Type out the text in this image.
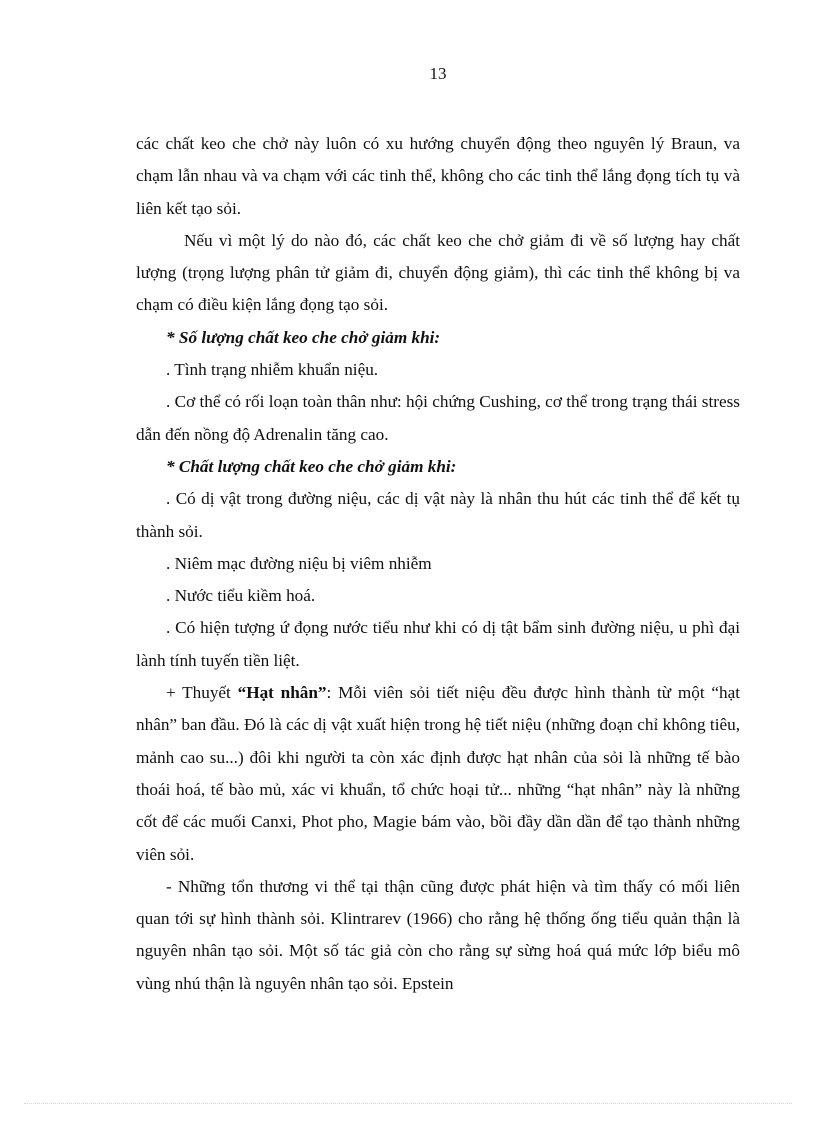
13

các chất keo che chở này luôn có xu hướng chuyển động theo nguyên lý Braun, va chạm lẫn nhau và va chạm với các tinh thể, không cho các tinh thể lắng đọng tích tụ và liên kết tạo sỏi.

Nếu vì một lý do nào đó, các chất keo che chở giảm đi về số lượng hay chất lượng (trọng lượng phân tử giảm đi, chuyển động giảm), thì các tinh thể không bị va chạm có điều kiện lắng đọng tạo sỏi.

* Số lượng chất keo che chở giảm khi:

. Tình trạng nhiễm khuẩn niệu.

. Cơ thể có rối loạn toàn thân như: hội chứng Cushing, cơ thể trong trạng thái stress dẫn đến nồng độ Adrenalin tăng cao.

* Chất lượng chất keo che chở giảm khi:

. Có dị vật trong đường niệu, các dị vật này là nhân thu hút các tinh thể để kết tụ thành sỏi.

. Niêm mạc đường niệu bị viêm nhiễm

. Nước tiểu kiềm hoá.

. Có hiện tượng ứ đọng nước tiểu như khi có dị tật bẩm sinh đường niệu, u phì đại lành tính tuyến tiền liệt.

+ Thuyết “Hạt nhân”: Mỗi viên sỏi tiết niệu đều được hình thành từ một “hạt nhân” ban đầu. Đó là các dị vật xuất hiện trong hệ tiết niệu (những đoạn chỉ không tiêu, mảnh cao su...) đôi khi người ta còn xác định được hạt nhân của sỏi là những tế bào thoái hoá, tế bào mủ, xác vi khuẩn, tổ chức hoại tử... những “hạt nhân” này là những cốt để các muối Canxi, Phot pho, Magie bám vào, bồi đầy dần dần để tạo thành những viên sỏi.

- Những tổn thương vi thể tại thận cũng được phát hiện và tìm thấy có mối liên quan tới sự hình thành sỏi. Klintrarev (1966) cho rằng hệ thống ống tiểu quản thận là nguyên nhân tạo sỏi. Một số tác giả còn cho rằng sự sừng hoá quá mức lớp biểu mô vùng nhú thận là nguyên nhân tạo sỏi. Epstein
